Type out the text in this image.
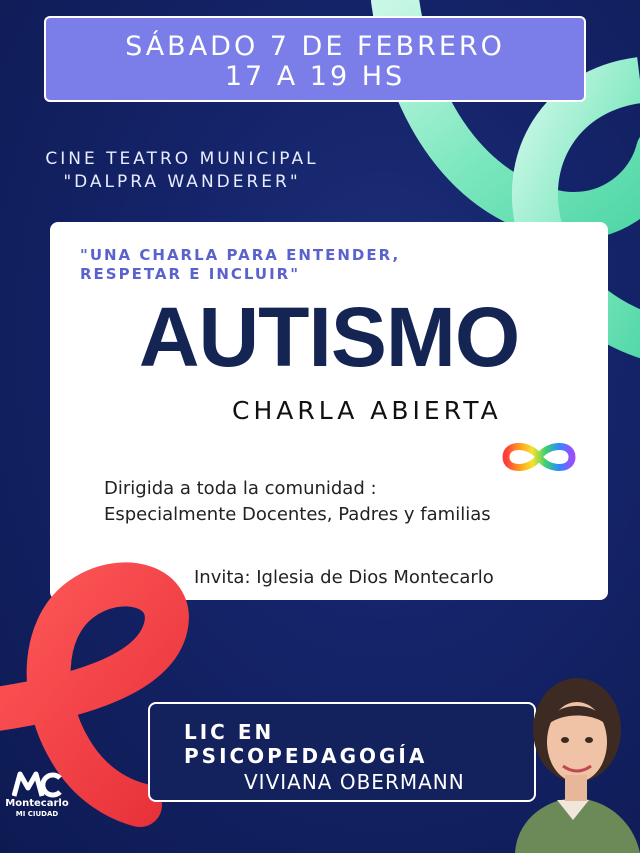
SÁBADO 7 DE FEBRERO
17 A 19 HS
CINE TEATRO MUNICIPAL
"DALPRA WANDERER"
"UNA CHARLA PARA ENTENDER,
RESPETAR E INCLUIR"
AUTISMO
CHARLA ABIERTA
Dirigida a toda la comunidad :
Especialmente Docentes, Padres y familias
Invita: Iglesia de Dios Montecarlo
LIC EN
PSICOPEDAGOGÍA
VIVIANA OBERMANN
Montecarlo
MI CIUDAD
